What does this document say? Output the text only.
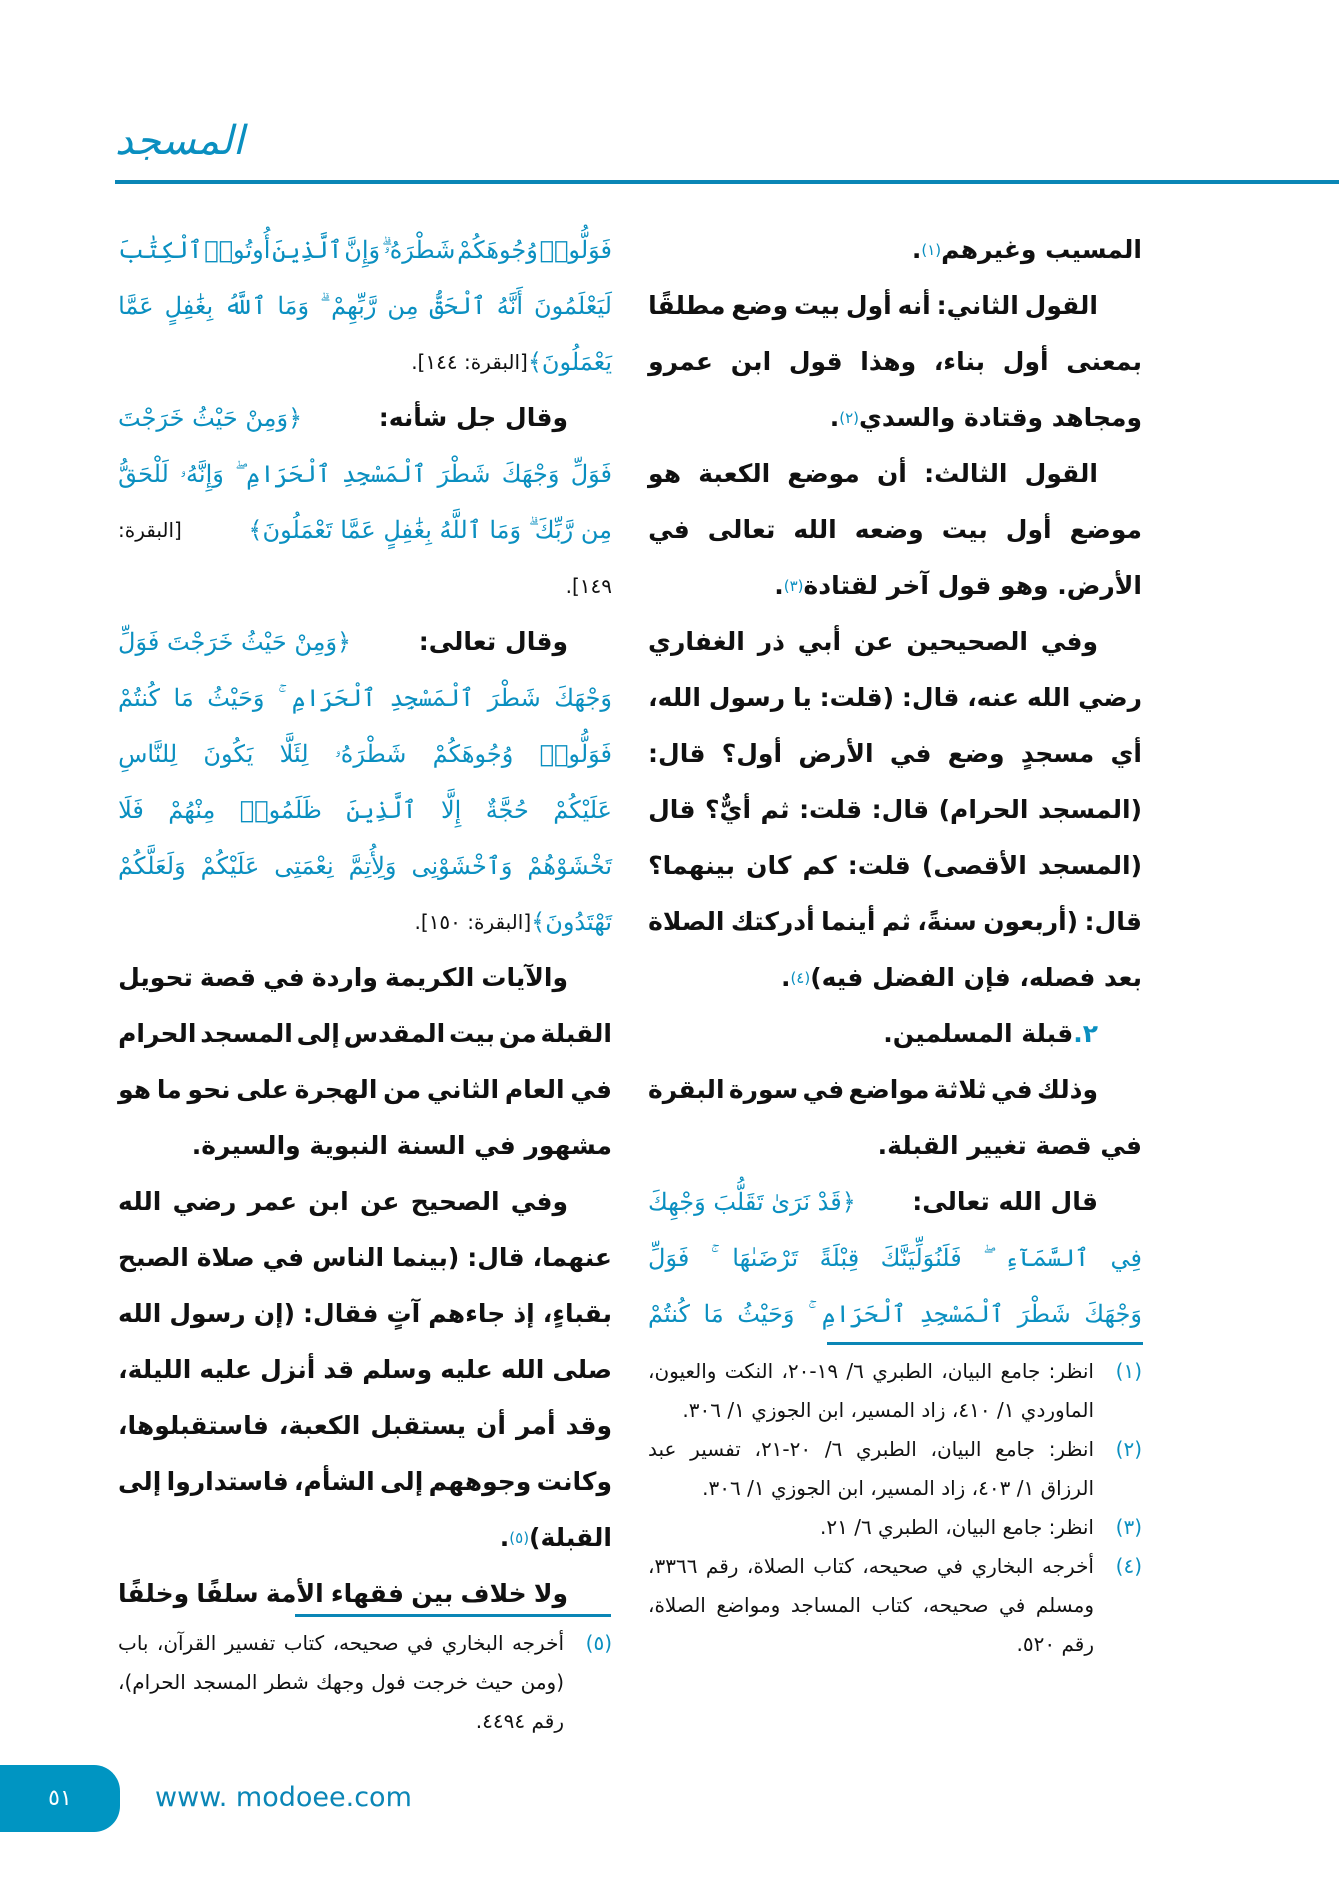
المسجد
المسيب وغيرهم
(١)
.
القول
الثاني:
أنه
أول
بيت
وضع
مطلقًا
بمعنى
أول
بناء،
وهذا
قول
ابن
عمرو
ومجاهد وقتادة والسدي
(٢)
.
القول
الثالث:
أن
موضع
الكعبة
هو
موضع
أول
بيت
وضعه
الله
تعالى
في
الأرض. وهو قول آخر لقتادة
(٣)
.
وفي
الصحيحين
عن
أبي
ذر
الغفاري
رضي
الله
عنه،
قال:
(قلت:
يا
رسول
الله،
أي
مسجدٍ
وضع
في
الأرض
أول؟
قال:
(المسجد
الحرام)
قال:
قلت:
ثم
أيٌّ؟
قال
(المسجد
الأقصى)
قلت:
كم
كان
بينهما؟
قال:
(أربعون
سنةً،
ثم
أينما
أدركتك
الصلاة
بعد فصله، فإن الفضل فيه)
(٤)
.
٢.
قبلة المسلمين.
وذلك
في
ثلاثة
مواضع
في
سورة
البقرة
في قصة تغيير القبلة.
قال الله تعالى:
﴿قَدْ نَرَىٰ تَقَلُّبَ وَجْهِكَ
فِي
ٱلسَّمَآءِ
فَلَنُوَلِّيَنَّكَ
قِبْلَةً
تَرْضَىٰهَا
فَوَلِّ
وَجْهَكَ
شَطْرَ
ٱلْمَسْجِدِ
ٱلْحَرَامِ
وَحَيْثُ
مَا
كُنتُمْ
فَوَلُّوا۟
وُجُوهَكُمْ
شَطْرَهُۥ
وَإِنَّ
ٱلَّذِينَ
أُوتُوا۟
ٱلْكِتَٰبَ
لَيَعْلَمُونَ
أَنَّهُ
ٱلْحَقُّ
مِن
رَّبِّهِمْ
وَمَا
ٱللَّهُ
بِغَٰفِلٍ
عَمَّا
يَعْمَلُونَ﴾
[البقرة: ١٤٤].
وقال جل شأنه:
﴿وَمِنْ حَيْثُ خَرَجْتَ
فَوَلِّ
وَجْهَكَ
شَطْرَ
ٱلْمَسْجِدِ
ٱلْحَرَامِ
وَإِنَّهُۥ
لَلْحَقُّ
مِن رَّبِّكَ ۗ وَمَا ٱللَّهُ بِغَٰفِلٍ عَمَّا تَعْمَلُونَ﴾
[البقرة:
١٤٩].
وقال تعالى:
﴿وَمِنْ حَيْثُ خَرَجْتَ فَوَلِّ
وَجْهَكَ
شَطْرَ
ٱلْمَسْجِدِ
ٱلْحَرَامِ
وَحَيْثُ
مَا
كُنتُمْ
فَوَلُّوا۟
وُجُوهَكُمْ
شَطْرَهُۥ
لِئَلَّا
يَكُونَ
لِلنَّاسِ
عَلَيْكُمْ
حُجَّةٌ
إِلَّا
ٱلَّذِينَ
ظَلَمُوا۟
مِنْهُمْ
فَلَا
تَخْشَوْهُمْ
وَٱخْشَوْنِى
وَلِأُتِمَّ
نِعْمَتِى
عَلَيْكُمْ
وَلَعَلَّكُمْ
تَهْتَدُونَ﴾
[البقرة: ١٥٠].
والآيات
الكريمة
واردة
في
قصة
تحويل
القبلة
من
بيت
المقدس
إلى
المسجد
الحرام
في
العام
الثاني
من
الهجرة
على
نحو
ما
هو
مشهور في السنة النبوية والسيرة.
وفي
الصحيح
عن
ابن
عمر
رضي
الله
عنهما،
قال:
(بينما
الناس
في
صلاة
الصبح
بقباءٍ،
إذ
جاءهم
آتٍ
فقال:
(إن
رسول
الله
صلى
الله
عليه
وسلم
قد
أنزل
عليه
الليلة،
وقد
أمر
أن
يستقبل
الكعبة،
فاستقبلوها،
وكانت
وجوههم
إلى
الشأم،
فاستداروا
إلى
القبلة)
(٥)
.
ولا
خلاف
بين
فقهاء
الأمة
سلفًا
وخلفًا
(١)
انظر: جامع البيان، الطبري ٦/ ١٩-٢٠، النكت والعيون، الماوردي ١/ ٤١٠، زاد المسير، ابن الجوزي ١/ ٣٠٦.
(٢)
انظر: جامع البيان، الطبري ٦/ ٢٠-٢١، تفسير عبد الرزاق ١/ ٤٠٣، زاد المسير، ابن الجوزي ١/ ٣٠٦.
(٣)
انظر: جامع البيان، الطبري ٦/ ٢١.
(٤)
أخرجه البخاري في صحيحه، كتاب الصلاة، رقم ٣٣٦٦، ومسلم في صحيحه، كتاب المساجد ومواضع الصلاة، رقم ٥٢٠.
(٥)
أخرجه البخاري في صحيحه، كتاب تفسير القرآن، باب (ومن حيث خرجت فول وجهك شطر المسجد الحرام)، رقم ٤٤٩٤.
٥١	www. modoee.com
